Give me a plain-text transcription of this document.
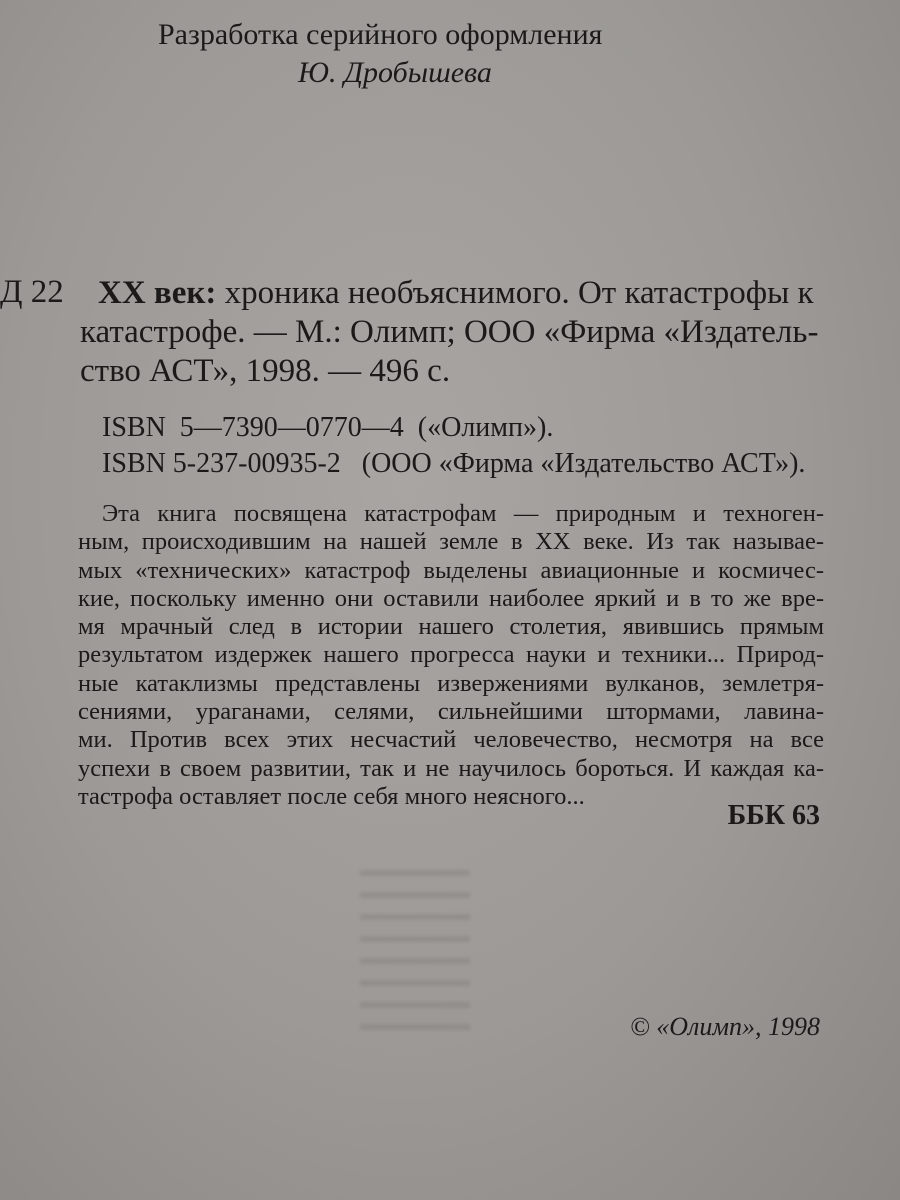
Разработка серийного оформления
Ю. Дробышева
Д 22	XX век: хроника необъяснимого. От катастрофы к
катастрофе. — М.: Олимп; ООО «Фирма «Издатель-
ство АСТ», 1998. — 496 с.
ISBN  5—7390—0770—4  («Олимп»).
ISBN 5-237-00935-2   (ООО «Фирма «Издательство АСТ»).
Эта книга посвящена катастрофам — природным и техноген-
ным, происходившим на нашей земле в XX веке. Из так называе-
мых «технических» катастроф выделены авиационные и космичес-
кие, поскольку именно они оставили наиболее яркий и в то же вре-
мя мрачный след в истории нашего столетия, явившись прямым
результатом издержек нашего прогресса науки и техники... Природ-
ные катаклизмы представлены извержениями вулканов, землетря-
сениями, ураганами, селями, сильнейшими штормами, лавина-
ми. Против всех этих несчастий человечество, несмотря на все
успехи в своем развитии, так и не научилось бороться. И каждая ка-
тастрофа оставляет после себя много неясного...
ББК 63
© «Олимп», 1998
